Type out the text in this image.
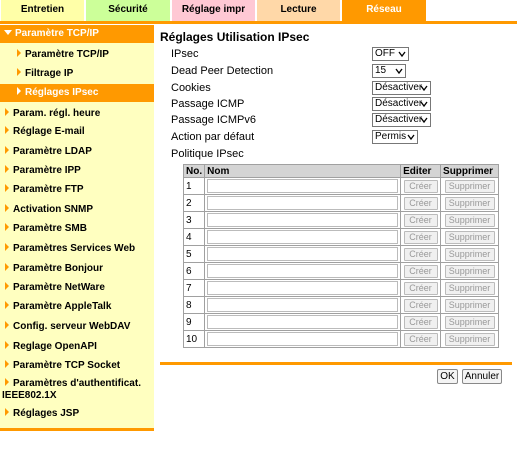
Entretien	Sécurité	Réglage impr	Lecture	Réseau
Paramètre TCP/IP
Paramètre TCP/IP
Filtrage IP
Réglages IPsec
Param. régl. heure
Réglage E-mail
Paramètre LDAP
Paramètre IPP
Paramètre FTP
Activation SNMP
Paramètre SMB
Paramètres Services Web
Paramètre Bonjour
Paramètre NetWare
Paramètre AppleTalk
Config. serveur WebDAV
Reglage OpenAPI
Paramètre TCP Socket
Paramètres d'authentificat.
IEEE802.1X
Réglages JSP
Réglages Utilisation IPsec
IPsec	OFF
Dead Peer Detection	15
Cookies	Désactiver
Passage ICMP	Désactiver
Passage ICMPv6	Désactiver
Action par défaut	Permis
Politique IPsec
No.	Nom	Editer	Supprimer
1		Créer	Supprimer
2		Créer	Supprimer
3		Créer	Supprimer
4		Créer	Supprimer
5		Créer	Supprimer
6		Créer	Supprimer
7		Créer	Supprimer
8		Créer	Supprimer
9		Créer	Supprimer
10		Créer	Supprimer
OK	Annuler
